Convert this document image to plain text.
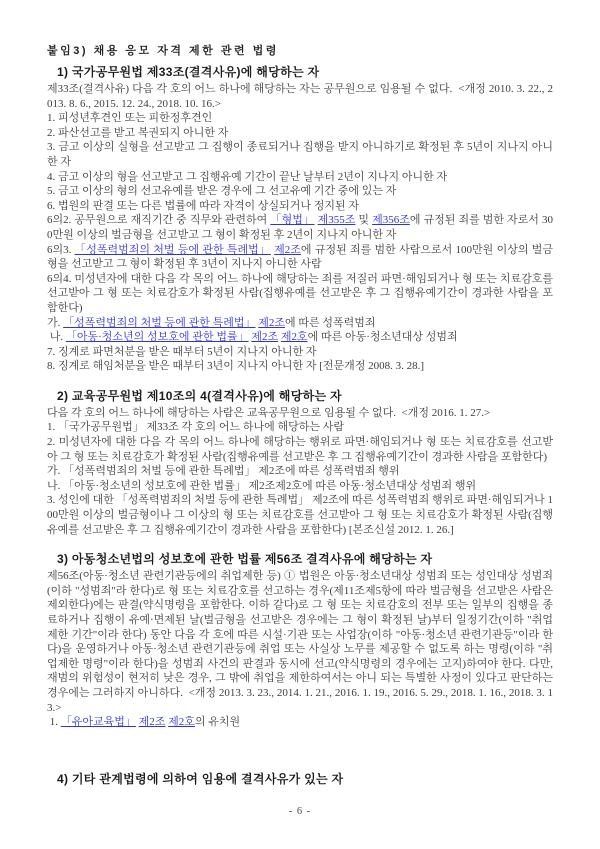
붙임3) 채용 응모 자격 제한 관련 법령
1) 국가공무원법 제33조(결격사유)에 해당하는 자

제33조(결격사유) 다음 각 호의 어느 하나에 해당하는 자는 공무원으로 임용될 수 없다.  <개정 2010. 3. 22., 2013. 8. 6., 2015. 12. 24., 2018. 10. 16.>

1. 피성년후견인 또는 피한정후견인

2. 파산선고를 받고 복권되지 아니한 자

3. 금고 이상의 실형을 선고받고 그 집행이 종료되거나 집행을 받지 아니하기로 확정된 후 5년이 지나지 아니한 자

4. 금고 이상의 형을 선고받고 그 집행유예 기간이 끝난 날부터 2년이 지나지 아니한 자

5. 금고 이상의 형의 선고유예를 받은 경우에 그 선고유예 기간 중에 있는 자

6. 법원의 판결 또는 다른 법률에 따라 자격이 상실되거나 정지된 자

6의2. 공무원으로 재직기간 중 직무와 관련하여 「형법」 제355조 및 제356조에 규정된 죄를 범한 자로서 300만원 이상의 벌금형을 선고받고 그 형이 확정된 후 2년이 지나지 아니한 자

6의3. 「성폭력범죄의 처벌 등에 관한 특례법」 제2조에 규정된 죄를 범한 사람으로서 100만원 이상의 벌금형을 선고받고 그 형이 확정된 후 3년이 지나지 아니한 사람

6의4. 미성년자에 대한 다음 각 목의 어느 하나에 해당하는 죄를 저질러 파면·해임되거나 형 또는 치료감호를 선고받아 그 형 또는 치료감호가 확정된 사람(집행유예를 선고받은 후 그 집행유예기간이 경과한 사람을 포함한다)

가. 「성폭력범죄의 처벌 등에 관한 특례법」 제2조에 따른 성폭력범죄

나. 「아동·청소년의 성보호에 관한 법률」 제2조 제2호에 따른 아동·청소년대상 성범죄

7. 징계로 파면처분을 받은 때부터 5년이 지나지 아니한 자

8. 징계로 해임처분을 받은 때부터 3년이 지나지 아니한 자 [전문개정 2008. 3. 28.]

2) 교육공무원법 제10조의 4(결격사유)에 해당하는 자

다음 각 호의 어느 하나에 해당하는 사람은 교육공무원으로 임용될 수 없다.  <개정 2016. 1. 27.>

1. 「국가공무원법」 제33조 각 호의 어느 하나에 해당하는 사람

2. 미성년자에 대한 다음 각 목의 어느 하나에 해당하는 행위로 파면·해임되거나 형 또는 치료감호를 선고받아 그 형 또는 치료감호가 확정된 사람(집행유예를 선고받은 후 그 집행유예기간이 경과한 사람을 포함한다)

가. 「성폭력범죄의 처벌 등에 관한 특례법」 제2조에 따른 성폭력범죄 행위

나. 「아동·청소년의 성보호에 관한 법률」 제2조제2호에 따른 아동·청소년대상 성범죄 행위

3. 성인에 대한 「성폭력범죄의 처벌 등에 관한 특례법」 제2조에 따른 성폭력범죄 행위로 파면·해임되거나 100만원 이상의 벌금형이나 그 이상의 형 또는 치료감호를 선고받아 그 형 또는 치료감호가 확정된 사람(집행유예를 선고받은 후 그 집행유예기간이 경과한 사람을 포함한다) [본조신설 2012. 1. 26.]

3) 아동청소년법의 성보호에 관한 법률 제56조 결격사유에 해당하는 자

제56조(아동·청소년 관련기관등에의 취업제한 등) ① 법원은 아동·청소년대상 성범죄 또는 성인대상 성범죄(이하 "성범죄"라 한다)로 형 또는 치료감호를 선고하는 경우(제11조제5항에 따라 벌금형을 선고받은 사람은 제외한다)에는 판결(약식명령을 포함한다. 이하 같다)로 그 형 또는 치료감호의 전부 또는 일부의 집행을 종료하거나 집행이 유예·면제된 날(벌금형을 선고받은 경우에는 그 형이 확정된 날)부터 일정기간(이하 "취업제한 기간"이라 한다) 동안 다음 각 호에 따른 시설·기관 또는 사업장(이하 "아동·청소년 관련기관등"이라 한다)을 운영하거나 아동·청소년 관련기관등에 취업 또는 사실상 노무를 제공할 수 없도록 하는 명령(이하 "취업제한 명령"이라 한다)을 성범죄 사건의 판결과 동시에 선고(약식명령의 경우에는 고지)하여야 한다. 다만, 재범의 위험성이 현저히 낮은 경우, 그 밖에 취업을 제한하여서는 아니 되는 특별한 사정이 있다고 판단하는 경우에는 그러하지 아니하다.  <개정 2013. 3. 23., 2014. 1. 21., 2016. 1. 19., 2016. 5. 29., 2018. 1. 16., 2018. 3. 13.>

1. 「유아교육법」 제2조 제2호의 유치원

4) 기타 관계법령에 의하여 임용에 결격사유가 있는 자
- 6 -
